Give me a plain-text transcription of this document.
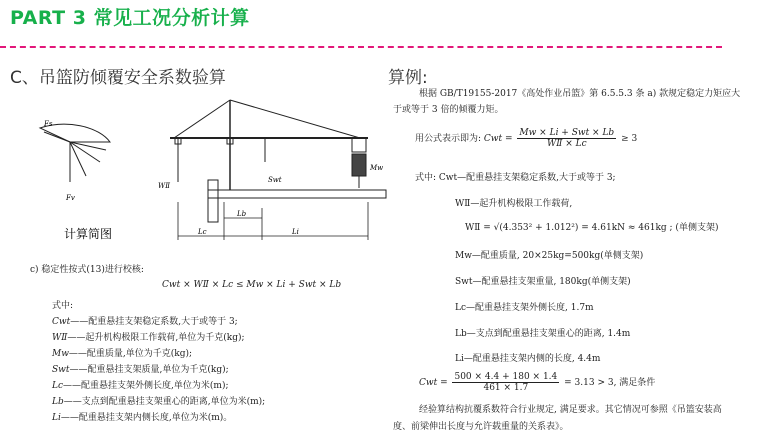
PART 3 常见工况分析计算
C、吊篮防倾覆安全系数验算	算例:
Fs
Fv
WⅡ
Swt
Mw
Lc
Lb
Li
计算简图
c) 稳定性按式(13)进行校核:
Cwt × WⅡ × Lc ≤ Mw × Li + Swt × Lb
式中:
Cwt——配重悬挂支架稳定系数,大于或等于 3;
WⅡ——起升机构极限工作载荷,单位为千克(kg);
Mw——配重质量,单位为千克(kg);
Swt——配重悬挂支架质量,单位为千克(kg);
Lc——配重悬挂支架外侧长度,单位为米(m);
Lb——支点到配重悬挂支架重心的距离,单位为米(m);
Li——配重悬挂支架内侧长度,单位为米(m)。
根据 GB/T19155-2017《高处作业吊篮》第 6.5.5.3 条 a) 款规定稳定力矩应大
于或等于 3 倍的倾覆力矩。
用公式表示即为: Cwt = $\frac{\text{Mw × Li + Swt × Lb}}{\text{WⅡ × Lc}} \ge 3$
式中: Cwt—配重悬挂支架稳定系数,大于或等于 3;
WⅡ—起升机构极限工作载荷,
WⅡ = √(4.353² + 1.012²) = 4.61kN ≈ 461kg ; (单侧支架)
Mw—配重质量, 20×25kg=500kg(单侧支架)
Swt—配重悬挂支架重量, 180kg(单侧支架)
Lc—配重悬挂支架外侧长度, 1.7m
Lb—支点到配重悬挂支架重心的距离, 1.4m
Li—配重悬挂支架内侧的长度, 4.4m
Cwt = $\frac{500 \times 4.4 + 180 \times 1.4}{461 \times 1.7} = 3.13 > 3$, 满足条件
经验算结构抗覆系数符合行业规定, 满足要求。其它情况可参照《吊篮安装高
度、前梁伸出长度与允许载重量的关系表》。
